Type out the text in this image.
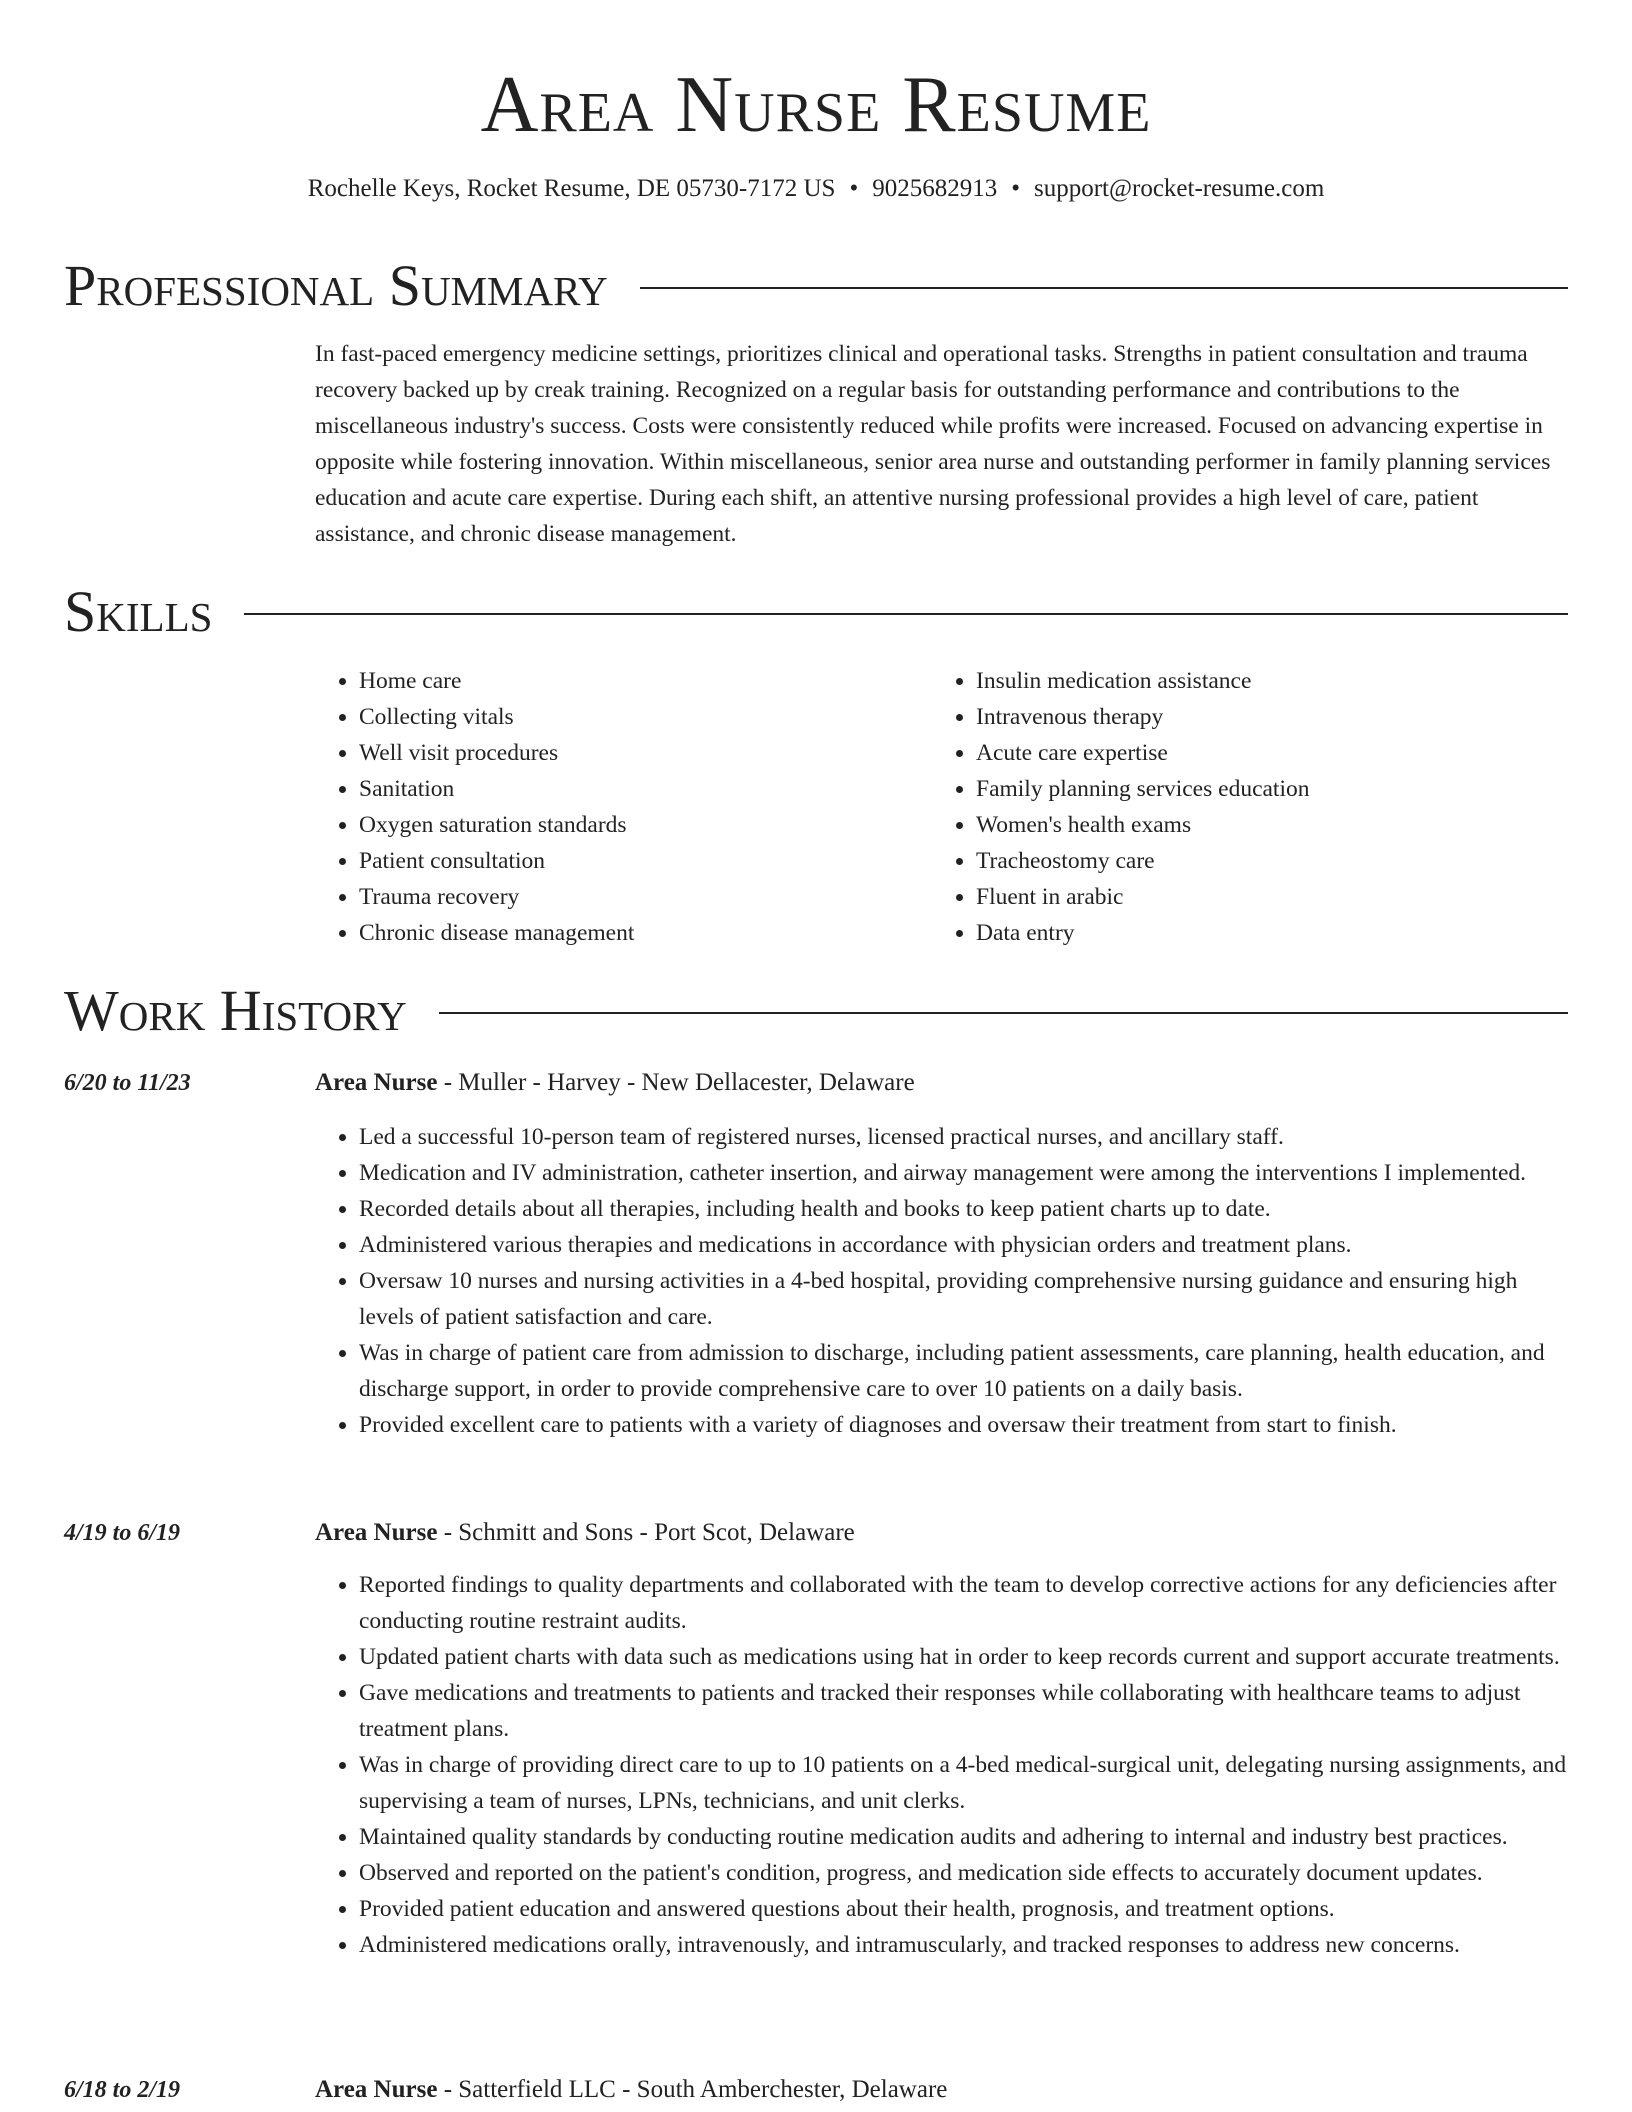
Area Nurse Resume
Rochelle Keys, Rocket Resume, DE 05730-7172 US • 9025682913 • support@rocket-resume.com
Professional Summary

In fast-paced emergency medicine settings, prioritizes clinical and operational tasks. Strengths in patient consultation and trauma recovery backed up by creak training. Recognized on a regular basis for outstanding performance and contributions to the miscellaneous industry's success. Costs were consistently reduced while profits were increased. Focused on advancing expertise in opposite while fostering innovation. Within miscellaneous, senior area nurse and outstanding performer in family planning services education and acute care expertise. During each shift, an attentive nursing professional provides a high level of care, patient assistance, and chronic disease management.

Skills
• Home care
• Collecting vitals
• Well visit procedures
• Sanitation
• Oxygen saturation standards
• Patient consultation
• Trauma recovery
• Chronic disease management
• Insulin medication assistance
• Intravenous therapy
• Acute care expertise
• Family planning services education
• Women's health exams
• Tracheostomy care
• Fluent in arabic
• Data entry
Work History
6/20 to 11/23	Area Nurse - Muller - Harvey - New Dellacester, Delaware
• Led a successful 10-person team of registered nurses, licensed practical nurses, and ancillary staff.
• Medication and IV administration, catheter insertion, and airway management were among the interventions I implemented.
• Recorded details about all therapies, including health and books to keep patient charts up to date.
• Administered various therapies and medications in accordance with physician orders and treatment plans.
• Oversaw 10 nurses and nursing activities in a 4-bed hospital, providing comprehensive nursing guidance and ensuring high levels of patient satisfaction and care.
• Was in charge of patient care from admission to discharge, including patient assessments, care planning, health education, and discharge support, in order to provide comprehensive care to over 10 patients on a daily basis.
• Provided excellent care to patients with a variety of diagnoses and oversaw their treatment from start to finish.
4/19 to 6/19	Area Nurse - Schmitt and Sons - Port Scot, Delaware
• Reported findings to quality departments and collaborated with the team to develop corrective actions for any deficiencies after conducting routine restraint audits.
• Updated patient charts with data such as medications using hat in order to keep records current and support accurate treatments.
• Gave medications and treatments to patients and tracked their responses while collaborating with healthcare teams to adjust treatment plans.
• Was in charge of providing direct care to up to 10 patients on a 4-bed medical-surgical unit, delegating nursing assignments, and supervising a team of nurses, LPNs, technicians, and unit clerks.
• Maintained quality standards by conducting routine medication audits and adhering to internal and industry best practices.
• Observed and reported on the patient's condition, progress, and medication side effects to accurately document updates.
• Provided patient education and answered questions about their health, prognosis, and treatment options.
• Administered medications orally, intravenously, and intramuscularly, and tracked responses to address new concerns.
6/18 to 2/19	Area Nurse - Satterfield LLC - South Amberchester, Delaware
